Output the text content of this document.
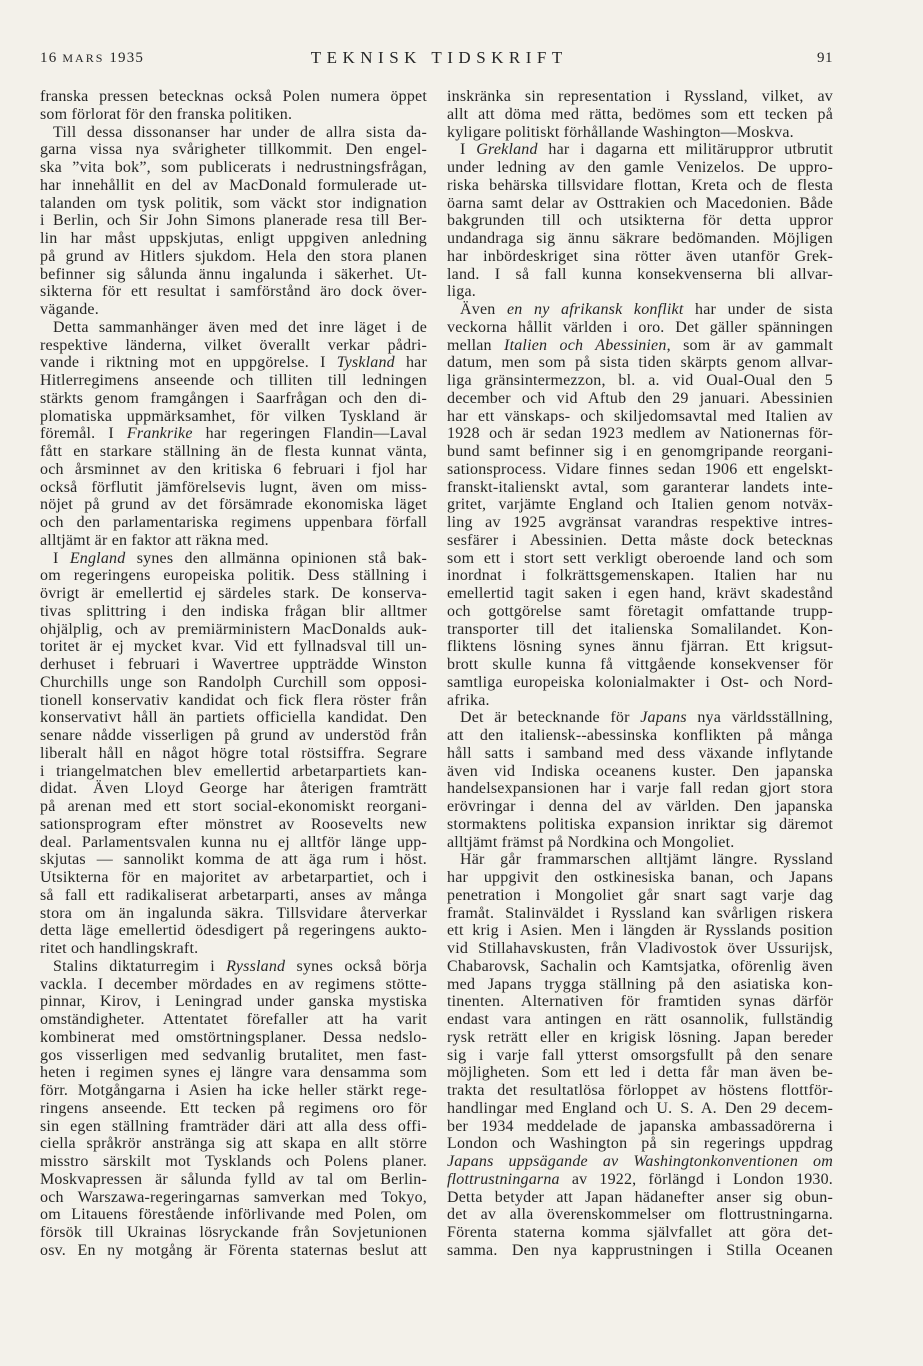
16 MARS 1935	TEKNISK TIDSKRIFT	91
franska pressen betecknas också Polen numera öppet
som förlorat för den franska politiken.
Till dessa dissonanser har under de allra sista da-
garna vissa nya svårigheter tillkommit. Den engel-
ska ”vita bok”, som publicerats i nedrustningsfrågan,
har innehållit en del av MacDonald formulerade ut-
talanden om tysk politik, som väckt stor indignation
i Berlin, och Sir John Simons planerade resa till Ber-
lin har måst uppskjutas, enligt uppgiven anledning
på grund av Hitlers sjukdom. Hela den stora planen
befinner sig sålunda ännu ingalunda i säkerhet. Ut-
sikterna för ett resultat i samförstånd äro dock över-
vägande.
Detta sammanhänger även med det inre läget i de
respektive länderna, vilket överallt verkar pådri-
vande i riktning mot en uppgörelse. I Tyskland har
Hitlerregimens anseende och tilliten till ledningen
stärkts genom framgången i Saarfrågan och den di-
plomatiska uppmärksamhet, för vilken Tyskland är
föremål. I Frankrike har regeringen Flandin—Laval
fått en starkare ställning än de flesta kunnat vänta,
och årsminnet av den kritiska 6 februari i fjol har
också förflutit jämförelsevis lugnt, även om miss-
nöjet på grund av det försämrade ekonomiska läget
och den parlamentariska regimens uppenbara förfall
alltjämt är en faktor att räkna med.
I England synes den allmänna opinionen stå bak-
om regeringens europeiska politik. Dess ställning i
övrigt är emellertid ej särdeles stark. De konserva-
tivas splittring i den indiska frågan blir alltmer
ohjälplig, och av premiärministern MacDonalds auk-
toritet är ej mycket kvar. Vid ett fyllnadsval till un-
derhuset i februari i Wavertree uppträdde Winston
Churchills unge son Randolph Curchill som opposi-
tionell konservativ kandidat och fick flera röster från
konservativt håll än partiets officiella kandidat. Den
senare nådde visserligen på grund av understöd från
liberalt håll en något högre total röstsiffra. Segrare
i triangelmatchen blev emellertid arbetarpartiets kan-
didat. Även Lloyd George har återigen framträtt
på arenan med ett stort social-ekonomiskt reorgani-
sationsprogram efter mönstret av Roosevelts new
deal. Parlamentsvalen kunna nu ej alltför länge upp-
skjutas — sannolikt komma de att äga rum i höst.
Utsikterna för en majoritet av arbetarpartiet, och i
så fall ett radikaliserat arbetarparti, anses av många
stora om än ingalunda säkra. Tillsvidare återverkar
detta läge emellertid ödesdigert på regeringens aukto-
ritet och handlingskraft.
Stalins diktaturregim i Ryssland synes också börja
vackla. I december mördades en av regimens stötte-
pinnar, Kirov, i Leningrad under ganska mystiska
omständigheter. Attentatet förefaller att ha varit
kombinerat med omstörtningsplaner. Dessa nedslo-
gos visserligen med sedvanlig brutalitet, men fast-
heten i regimen synes ej längre vara densamma som
förr. Motgångarna i Asien ha icke heller stärkt rege-
ringens anseende. Ett tecken på regimens oro för
sin egen ställning framträder däri att alla dess offi-
ciella språkrör anstränga sig att skapa en allt större
misstro särskilt mot Tysklands och Polens planer.
Moskvapressen är sålunda fylld av tal om Berlin-
och Warszawa-regeringarnas samverkan med Tokyo,
om Litauens förestående införlivande med Polen, om
försök till Ukrainas lösryckande från Sovjetunionen
osv. En ny motgång är Förenta staternas beslut att
inskränka sin representation i Ryssland, vilket, av
allt att döma med rätta, bedömes som ett tecken på
kyligare politiskt förhållande Washington—Moskva.
I Grekland har i dagarna ett militäruppror utbrutit
under ledning av den gamle Venizelos. De uppro-
riska behärska tillsvidare flottan, Kreta och de flesta
öarna samt delar av Osttrakien och Macedonien. Både
bakgrunden till och utsikterna för detta uppror
undandraga sig ännu säkrare bedömanden. Möjligen
har inbördeskriget sina rötter även utanför Grek-
land. I så fall kunna konsekvenserna bli allvar-
liga.
Även en ny afrikansk konflikt har under de sista
veckorna hållit världen i oro. Det gäller spänningen
mellan Italien och Abessinien, som är av gammalt
datum, men som på sista tiden skärpts genom allvar-
liga gränsintermezzon, bl. a. vid Oual-Oual den 5
december och vid Aftub den 29 januari. Abessinien
har ett vänskaps- och skiljedomsavtal med Italien av
1928 och är sedan 1923 medlem av Nationernas för-
bund samt befinner sig i en genomgripande reorgani-
sationsprocess. Vidare finnes sedan 1906 ett engelskt-
franskt-italienskt avtal, som garanterar landets inte-
gritet, varjämte England och Italien genom notväx-
ling av 1925 avgränsat varandras respektive intres-
sesfärer i Abessinien. Detta måste dock betecknas
som ett i stort sett verkligt oberoende land och som
inordnat i folkrättsgemenskapen. Italien har nu
emellertid tagit saken i egen hand, krävt skadestånd
och gottgörelse samt företagit omfattande trupp-
transporter till det italienska Somalilandet. Kon-
fliktens lösning synes ännu fjärran. Ett krigsut-
brott skulle kunna få vittgående konsekvenser för
samtliga europeiska kolonialmakter i Ost- och Nord-
afrika.
Det är betecknande för Japans nya världsställning,
att den italiensk--abessinska konflikten på många
håll satts i samband med dess växande inflytande
även vid Indiska oceanens kuster. Den japanska
handelsexpansionen har i varje fall redan gjort stora
erövringar i denna del av världen. Den japanska
stormaktens politiska expansion inriktar sig däremot
alltjämt främst på Nordkina och Mongoliet.
Här går frammarschen alltjämt längre. Ryssland
har uppgivit den ostkinesiska banan, och Japans
penetration i Mongoliet går snart sagt varje dag
framåt. Stalinväldet i Ryssland kan svårligen riskera
ett krig i Asien. Men i längden är Rysslands position
vid Stillahavskusten, från Vladivostok över Ussurijsk,
Chabarovsk, Sachalin och Kamtsjatka, oförenlig även
med Japans trygga ställning på den asiatiska kon-
tinenten. Alternativen för framtiden synas därför
endast vara antingen en rätt osannolik, fullständig
rysk reträtt eller en krigisk lösning. Japan bereder
sig i varje fall ytterst omsorgsfullt på den senare
möjligheten. Som ett led i detta får man även be-
trakta det resultatlösa förloppet av höstens flottför-
handlingar med England och U. S. A. Den 29 decem-
ber 1934 meddelade de japanska ambassadörerna i
London och Washington på sin regerings uppdrag
Japans uppsägande av Washingtonkonventionen om
flottrustningarna av 1922, förlängd i London 1930.
Detta betyder att Japan hädanefter anser sig obun-
det av alla överenskommelser om flottrustningarna.
Förenta staterna komma självfallet att göra det-
samma. Den nya kapprustningen i Stilla Oceanen
